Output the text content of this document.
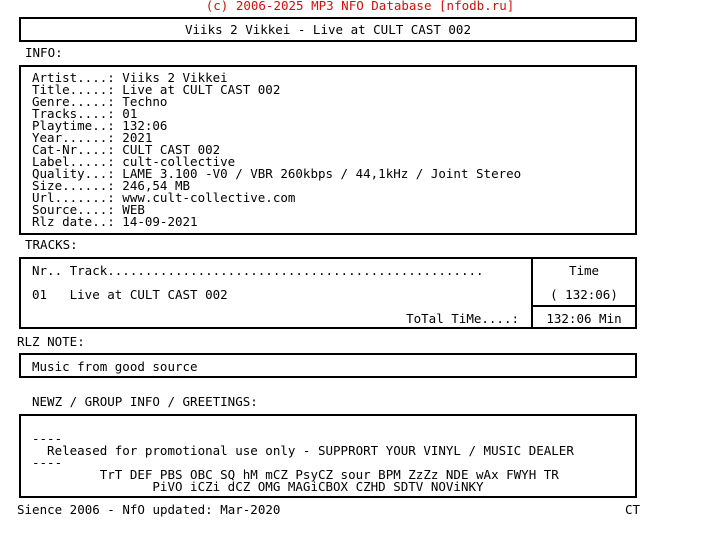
(c) 2006-2025 MP3 NFO Database [nfodb.ru]
Viiks 2 Vikkei - Live at CULT CAST 002
INFO:
Artist....: Viiks 2 Vikkei
Title.....: Live at CULT CAST 002
Genre.....: Techno
Tracks....: 01
Playtime..: 132:06
Year......: 2021
Cat-Nr....: CULT CAST 002
Label.....: cult-collective
Quality...: LAME 3.100 -V0 / VBR 260kbps / 44,1kHz / Joint Stereo
Size......: 246,54 MB
Url.......: www.cult-collective.com
Source....: WEB
Rlz date..: 14-09-2021
TRACKS:
Nr.. Track..................................................
01   Live at CULT CAST 002
ToTal TiMe....:
Time
( 132:06)
132:06 Min
RLZ NOTE:
Music from good source
NEWZ / GROUP INFO / GREETINGS:
----
Released for promotional use only - SUPPRORT YOUR VINYL / MUSIC DEALER
----
TrT DEF PBS OBC SQ hM mCZ PsyCZ sour BPM ZzZz NDE wAx FWYH TR
PiVO iCZi dCZ OMG MAGiCBOX CZHD SDTV NOViNKY
Sience 2006 - NfO updated: Mar-2020	CT
